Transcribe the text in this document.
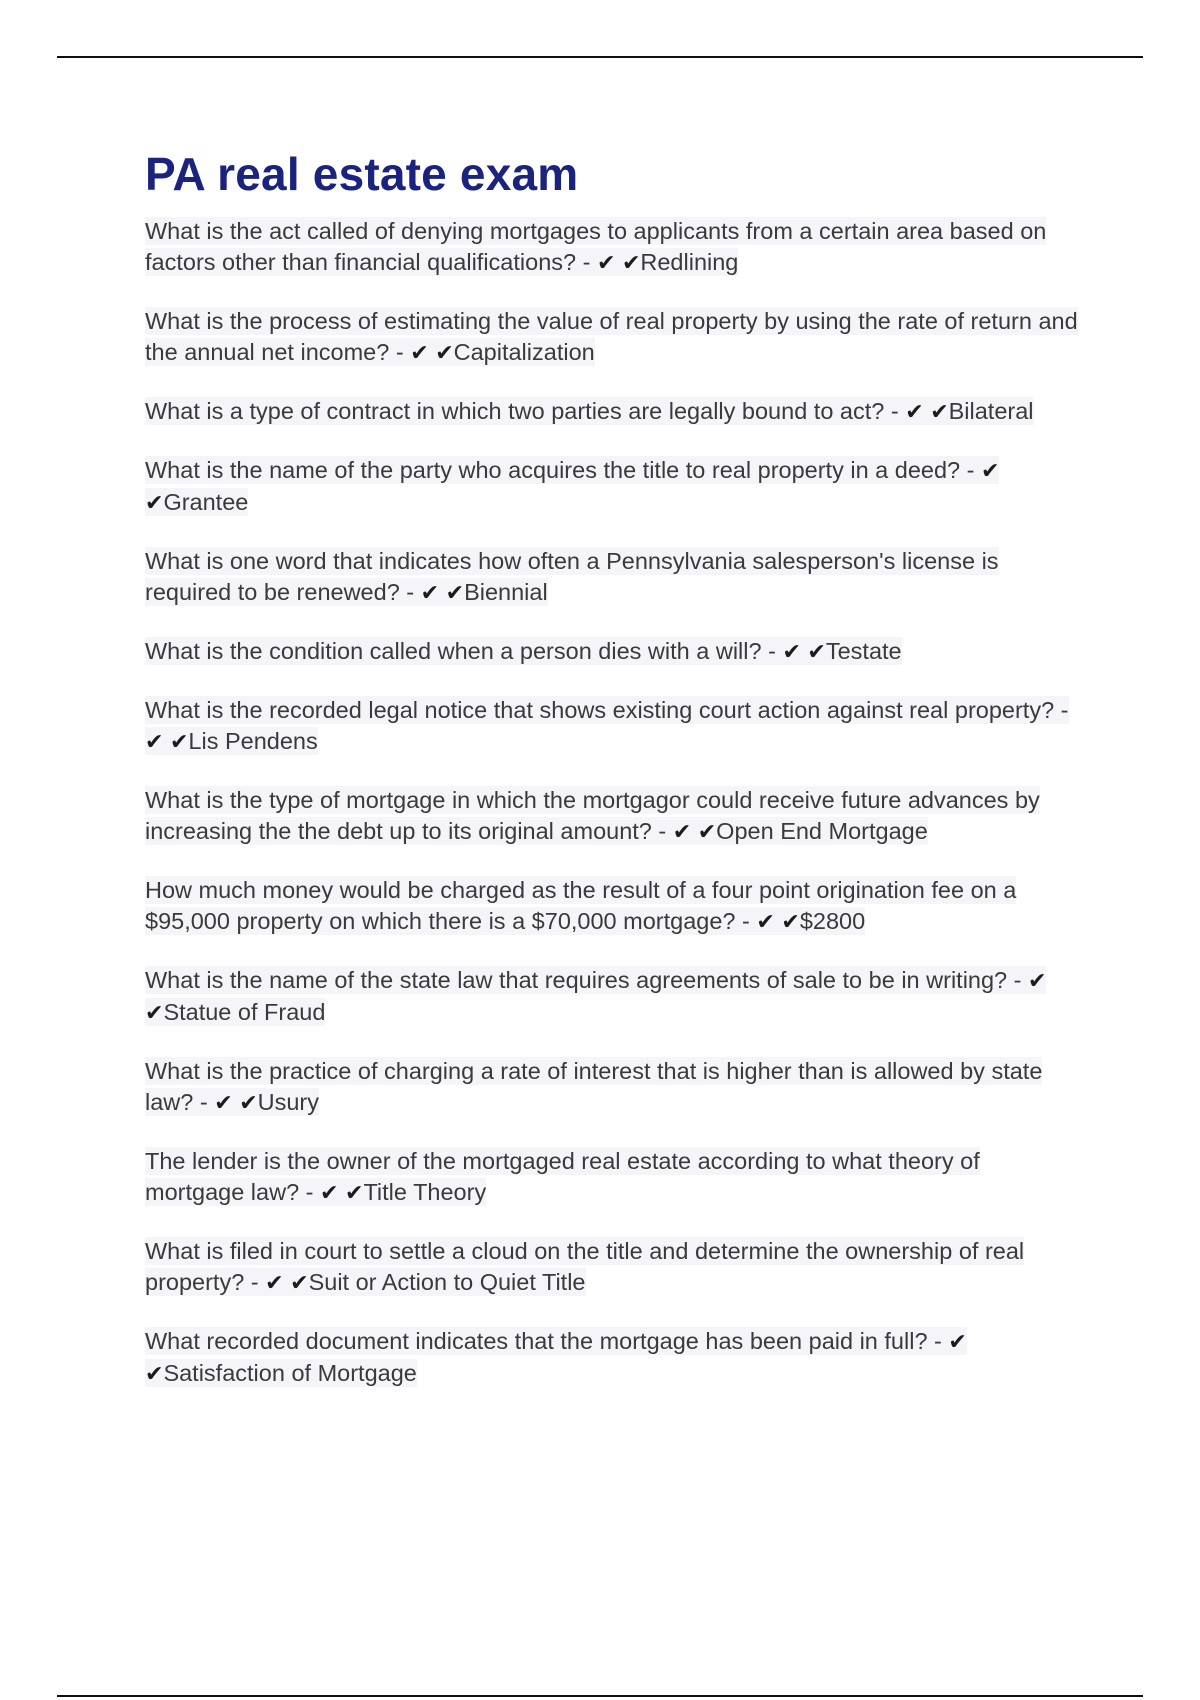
PA real estate exam
What is the act called of denying mortgages to applicants from a certain area based on factors other than financial qualifications? - ✔ ✔Redlining
What is the process of estimating the value of real property by using the rate of return and the annual net income? - ✔ ✔Capitalization
What is a type of contract in which two parties are legally bound to act? - ✔ ✔Bilateral
What is the name of the party who acquires the title to real property in a deed? - ✔ ✔Grantee
What is one word that indicates how often a Pennsylvania salesperson's license is required to be renewed? - ✔ ✔Biennial
What is the condition called when a person dies with a will? - ✔ ✔Testate
What is the recorded legal notice that shows existing court action against real property? - ✔ ✔Lis Pendens
What is the type of mortgage in which the mortgagor could receive future advances by increasing the the debt up to its original amount? - ✔ ✔Open End Mortgage
How much money would be charged as the result of a four point origination fee on a $95,000 property on which there is a $70,000 mortgage? - ✔ ✔$2800
What is the name of the state law that requires agreements of sale to be in writing? - ✔ ✔Statue of Fraud
What is the practice of charging a rate of interest that is higher than is allowed by state law? - ✔ ✔Usury
The lender is the owner of the mortgaged real estate according to what theory of mortgage law? - ✔ ✔Title Theory
What is filed in court to settle a cloud on the title and determine the ownership of real property? - ✔ ✔Suit or Action to Quiet Title
What recorded document indicates that the mortgage has been paid in full? - ✔ ✔Satisfaction of Mortgage
